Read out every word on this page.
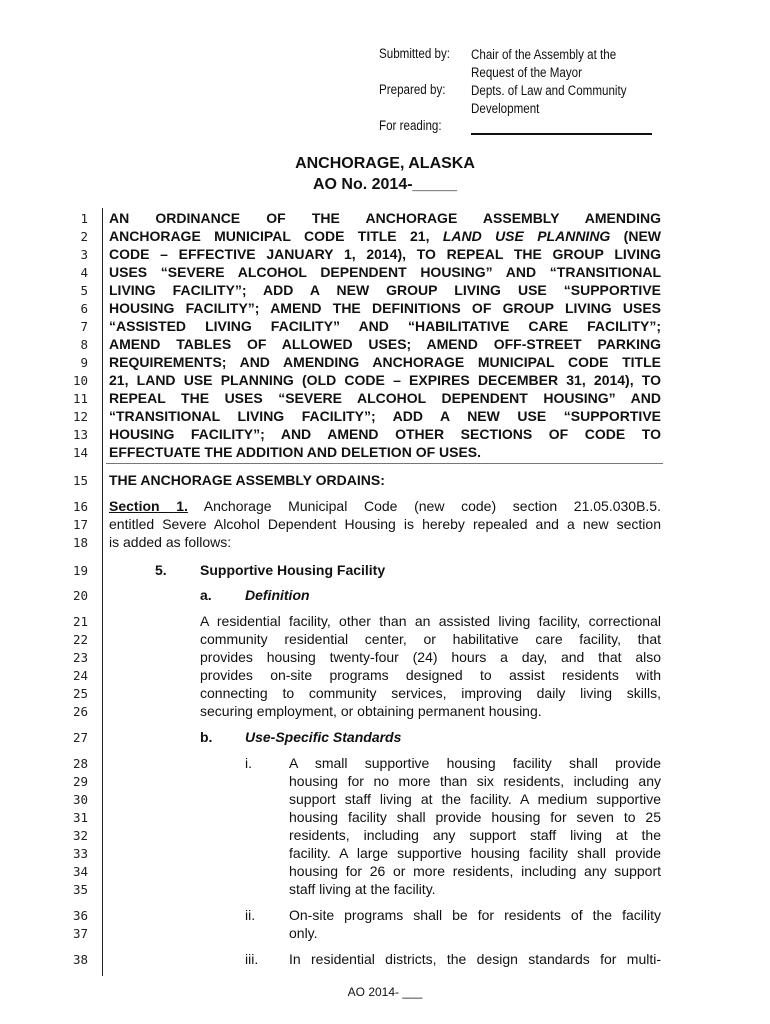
Submitted by: Chair of the Assembly at the
Request of the Mayor
Prepared by: Depts. of Law and Community
Development
For reading:
ANCHORAGE, ALASKA
AO No. 2014-_____
1
2
3
4
5
6
7
8
9
10
11
12
13
14
15
16
17
18
19
20
21
22
23
24
25
26
27
28
29
30
31
32
33
34
35
36
37
38
AN ORDINANCE OF THE ANCHORAGE ASSEMBLY AMENDING
ANCHORAGE MUNICIPAL CODE TITLE 21, LAND USE PLANNING (NEW
CODE – EFFECTIVE JANUARY 1, 2014), TO REPEAL THE GROUP LIVING
USES “SEVERE ALCOHOL DEPENDENT HOUSING” AND “TRANSITIONAL
LIVING FACILITY”; ADD A NEW GROUP LIVING USE “SUPPORTIVE
HOUSING FACILITY”; AMEND THE DEFINITIONS OF GROUP LIVING USES
“ASSISTED LIVING FACILITY” AND “HABILITATIVE CARE FACILITY”;
AMEND TABLES OF ALLOWED USES; AMEND OFF-STREET PARKING
REQUIREMENTS; AND AMENDING ANCHORAGE MUNICIPAL CODE TITLE
21, LAND USE PLANNING (OLD CODE – EXPIRES DECEMBER 31, 2014), TO
REPEAL THE USES “SEVERE ALCOHOL DEPENDENT HOUSING” AND
“TRANSITIONAL LIVING FACILITY”; ADD A NEW USE “SUPPORTIVE
HOUSING FACILITY”; AND AMEND OTHER SECTIONS OF CODE TO
EFFECTUATE THE ADDITION AND DELETION OF USES.
THE ANCHORAGE ASSEMBLY ORDAINS:
Section 1. Anchorage Municipal Code (new code) section 21.05.030B.5.
entitled Severe Alcohol Dependent Housing is hereby repealed and a new section
is added as follows:
5.	Supportive Housing Facility
a.	Definition
A residential facility, other than an assisted living facility, correctional
community residential center, or habilitative care facility, that
provides housing twenty-four (24) hours a day, and that also
provides on-site programs designed to assist residents with
connecting to community services, improving daily living skills,
securing employment, or obtaining permanent housing.
b.	Use-Specific Standards
i.	A small supportive housing facility shall provide
housing for no more than six residents, including any
support staff living at the facility. A medium supportive
housing facility shall provide housing for seven to 25
residents, including any support staff living at the
facility. A large supportive housing facility shall provide
housing for 26 or more residents, including any support
staff living at the facility.
ii.	On-site programs shall be for residents of the facility
only.
iii.	In residential districts, the design standards for multi-
AO 2014- ___
